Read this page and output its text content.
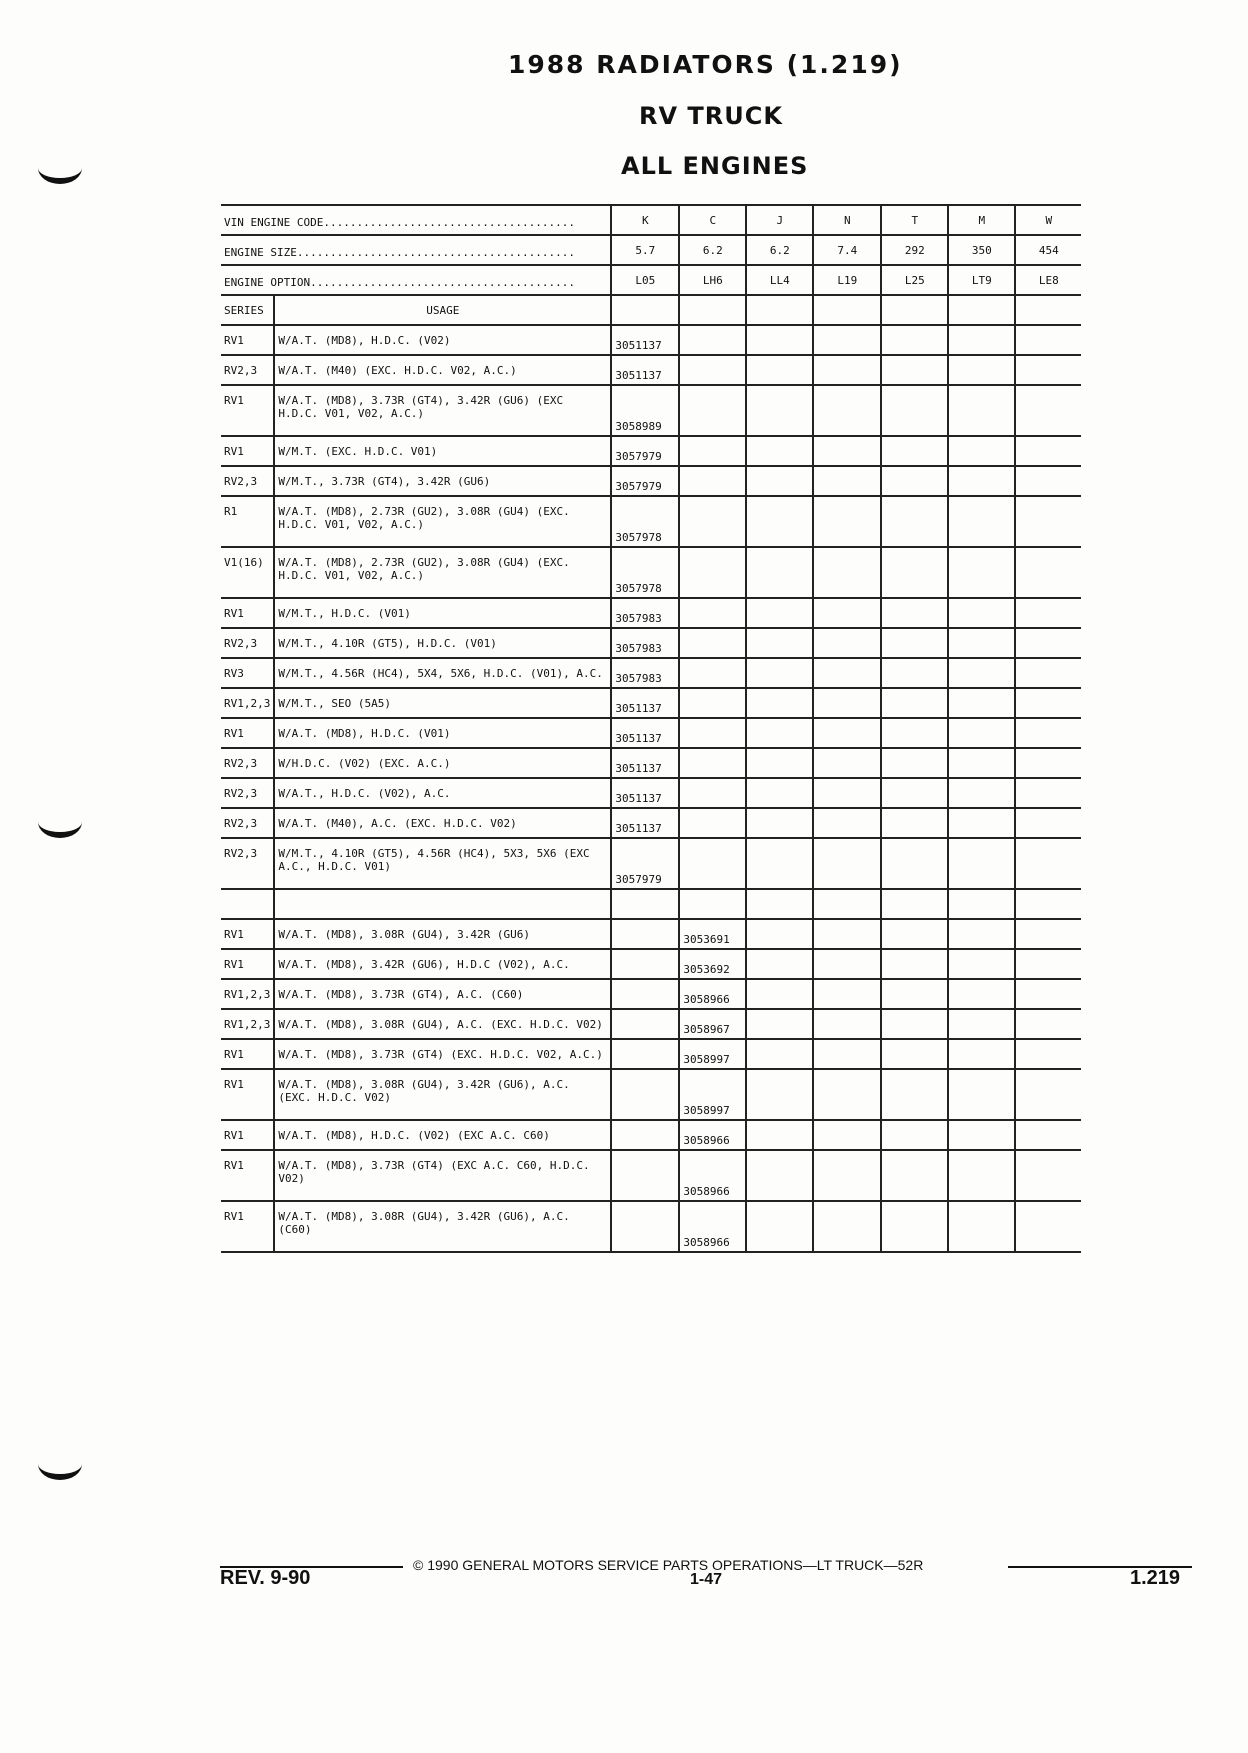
1988 RADIATORS (1.219)
RV TRUCK
ALL ENGINES
VIN ENGINE CODE......................................		K	C	J	N	T	M	W
ENGINE SIZE..........................................		5.7	6.2	6.2	7.4	292	350	454
ENGINE OPTION........................................		L05	LH6	LL4	L19	L25	LT9	LE8
SERIES	USAGE							
RV1	W/A.T. (MD8), H.D.C. (V02)	3051137						
RV2,3	W/A.T. (M40) (EXC. H.D.C. V02, A.C.)	3051137						
RV1	W/A.T. (MD8), 3.73R (GT4), 3.42R (GU6) (EXC
H.D.C. V01, V02, A.C.)	3058989						
RV1	W/M.T. (EXC. H.D.C. V01)	3057979						
RV2,3	W/M.T., 3.73R (GT4), 3.42R (GU6)	3057979						
R1	W/A.T. (MD8), 2.73R (GU2), 3.08R (GU4) (EXC.
H.D.C. V01, V02, A.C.)	3057978						
V1(16)	W/A.T. (MD8), 2.73R (GU2), 3.08R (GU4) (EXC.
H.D.C. V01, V02, A.C.)	3057978						
RV1	W/M.T., H.D.C. (V01)	3057983						
RV2,3	W/M.T., 4.10R (GT5), H.D.C. (V01)	3057983						
RV3	W/M.T., 4.56R (HC4), 5X4, 5X6, H.D.C. (V01), A.C.	3057983						
RV1,2,3	W/M.T., SEO (5A5)	3051137						
RV1	W/A.T. (MD8), H.D.C. (V01)	3051137						
RV2,3	W/H.D.C. (V02) (EXC. A.C.)	3051137						
RV2,3	W/A.T., H.D.C. (V02), A.C.	3051137						
RV2,3	W/A.T. (M40), A.C. (EXC. H.D.C. V02)	3051137						
RV2,3	W/M.T., 4.10R (GT5), 4.56R (HC4), 5X3, 5X6 (EXC
A.C., H.D.C. V01)	3057979						

RV1	W/A.T. (MD8), 3.08R (GU4), 3.42R (GU6)		3053691					
RV1	W/A.T. (MD8), 3.42R (GU6), H.D.C (V02), A.C.		3053692					
RV1,2,3	W/A.T. (MD8), 3.73R (GT4), A.C. (C60)		3058966					
RV1,2,3	W/A.T. (MD8), 3.08R (GU4), A.C. (EXC. H.D.C. V02)		3058967					
RV1	W/A.T. (MD8), 3.73R (GT4) (EXC. H.D.C. V02, A.C.)		3058997					
RV1	W/A.T. (MD8), 3.08R (GU4), 3.42R (GU6), A.C.
(EXC. H.D.C. V02)		3058997					
RV1	W/A.T. (MD8), H.D.C. (V02) (EXC A.C. C60)		3058966					
RV1	W/A.T. (MD8), 3.73R (GT4) (EXC A.C. C60, H.D.C.
V02)		3058966					
RV1	W/A.T. (MD8), 3.08R (GU4), 3.42R (GU6), A.C.
(C60)		3058966					
© 1990 GENERAL MOTORS SERVICE PARTS OPERATIONS—LT TRUCK—52R
REV. 9-90	1-47	1.219
